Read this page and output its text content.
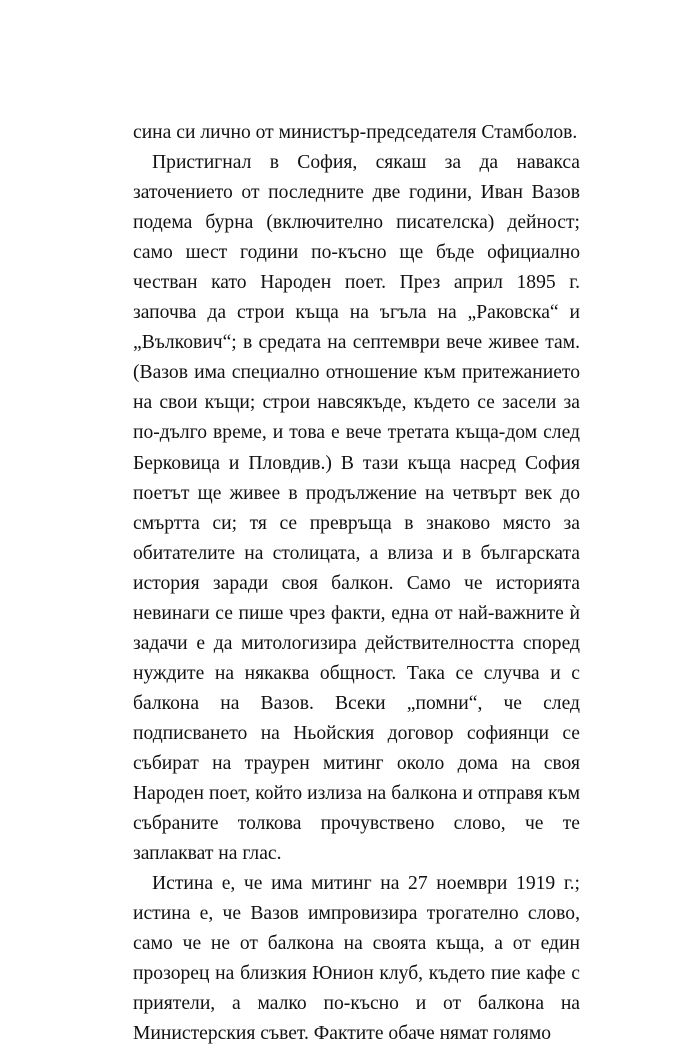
сина си лично от министър-председателя Стамболов.
Пристигнал в София, сякаш за да навакса
заточението от последните две години, Иван Вазов
подема бурна (включително писателска) дейност;
само шест години по-късно ще бъде официално
честван като Народен поет. През април 1895 г.
започва да строи къща на ъгъла на „Раковска“ и
„Вълкович“; в средата на септември вече живее там.
(Вазов има специално отношение към притежанието
на свои къщи; строи навсякъде, където се засели за
по-дълго време, и това е вече третата къща-дом след
Берковица и Пловдив.) В тази къща насред София
поетът ще живее в продължение на четвърт век до
смъртта си; тя се превръща в знаково място за
обитателите на столицата, а влиза и в българската
история заради своя балкон. Само че историята
невинаги се пише чрез факти, една от най-важните ѝ
задачи е да митологизира действителността според
нуждите на някаква общност. Така се случва и с
балкона на Вазов. Всеки „помни“, че след
подписването на Ньойския договор софиянци се
събират на траурен митинг около дома на своя
Народен поет, който излиза на балкона и отправя към
събраните толкова прочувствено слово, че те
заплакват на глас.
Истина е, че има митинг на 27 ноември 1919 г.;
истина е, че Вазов импровизира трогателно слово,
само че не от балкона на своята къща, а от един
прозорец на близкия Юнион клуб, където пие кафе с
приятели, а малко по-късно и от балкона на
Министерския съвет. Фактите обаче нямат голямо
